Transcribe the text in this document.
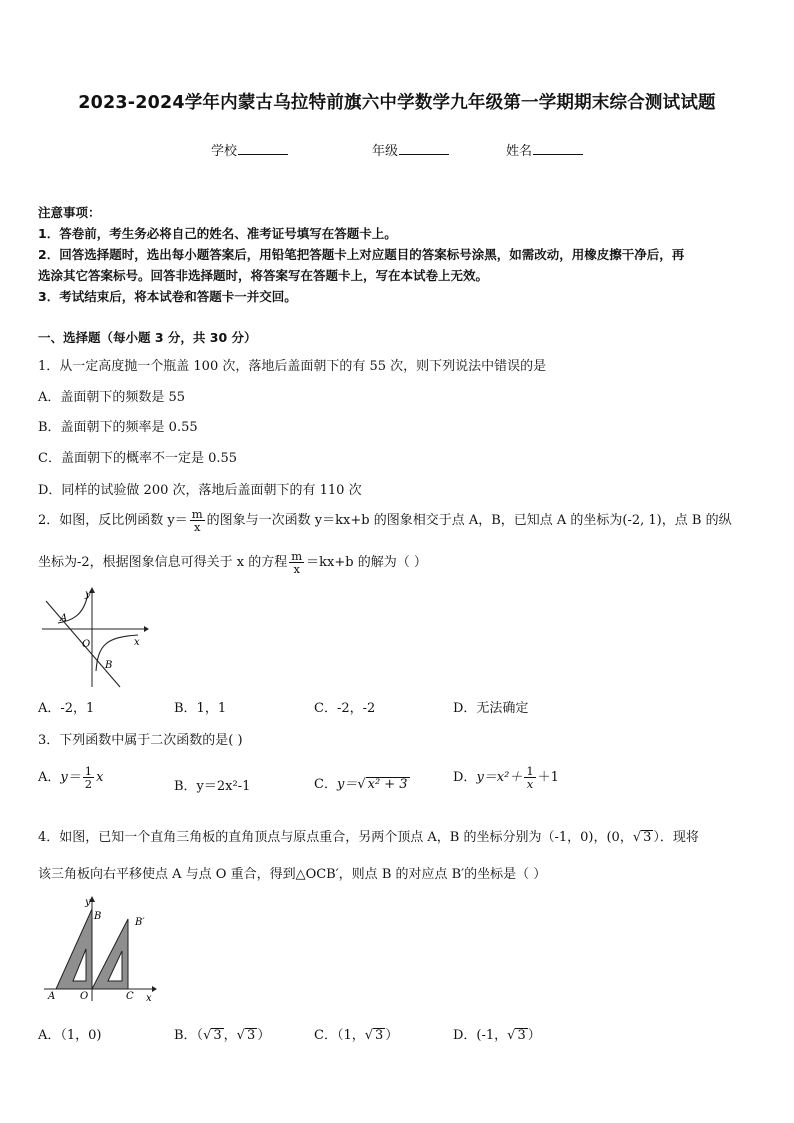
2023-2024学年内蒙古乌拉特前旗六中学数学九年级第一学期期末综合测试试题
学校	年级	姓名
注意事项：
1．答卷前，考生务必将自己的姓名、准考证号填写在答题卡上。
2．回答选择题时，选出每小题答案后，用铅笔把答题卡上对应题目的答案标号涂黑，如需改动，用橡皮擦干净后，再
选涂其它答案标号。回答非选择题时，将答案写在答题卡上，写在本试卷上无效。
3．考试结束后，将本试卷和答题卡一并交回。
一、选择题（每小题 3 分，共 30 分）
1．从一定高度抛一个瓶盖 100 次，落地后盖面朝下的有 55 次，则下列说法中错误的是
A．盖面朝下的频数是 55
B．盖面朝下的频率是 0.55
C．盖面朝下的概率不一定是 0.55
D．同样的试验做 200 次，落地后盖面朝下的有 110 次
2．如图，反比例函数 $y= \frac{m}{x}$ 的图象与一次函数 y＝kx+b 的图象相交于点 A，B，已知点 A 的坐标为(-2, 1)，点 B 的纵
坐标为-2，根据图象信息可得关于 x 的方程 $\frac{m}{x} =kx+b$ 的解为（ ）
A
B
O	x
y
A．-2，1	B．1，1	C．-2，-2	D．无法确定
3．下列函数中属于二次函数的是( )
A．$y= \frac{1}{2}$ x
B．y＝2x²-1	C．y＝√ x² + 3	D．$y=x^2+ \frac{1}{x} +1$
4．如图，已知一个直角三角板的直角顶点与原点重合，另两个顶点 A，B 的坐标分别为（-1，0)，(0，√ 3 ）．现将
该三角板向右平移使点 A 与点 O 重合，得到△OCB′，则点 B 的对应点 B′的坐标是（ ）
B
B′
A O	C x
y
A．（1，0)	B．（√ 3 ，√ 3 ）	C．（1，√ 3 ）	D．(-1，√ 3 ）
